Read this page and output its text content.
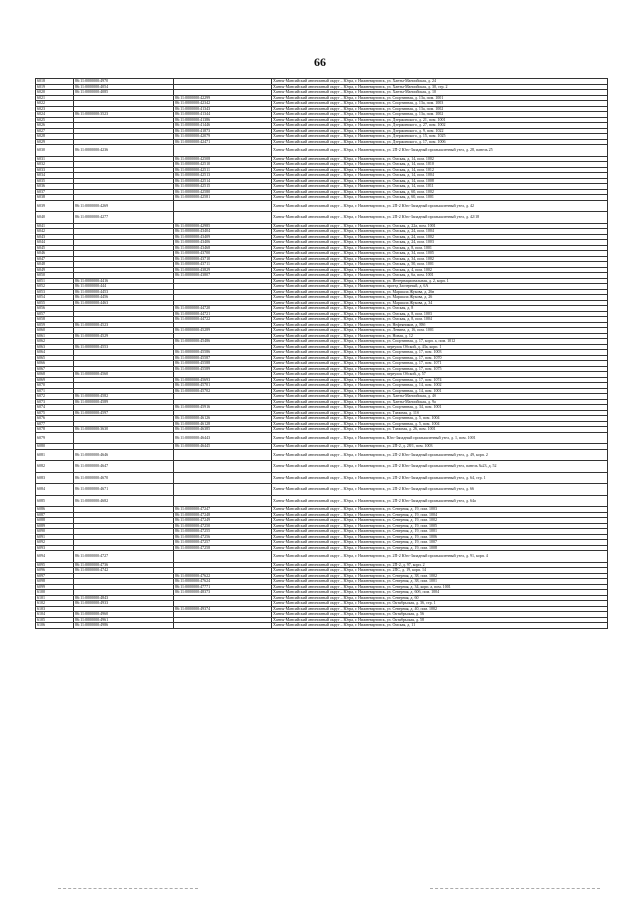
66
6018	86:11:0000000:4970		Ханты-Мансийский автономный округ – Югра, г. Нижневартовск, ул. Ханты-Мансийская, д. 24
6019	86:11:0000000:4054		Ханты-Мансийский автономный округ – Югра, г. Нижневартовск, ул. Ханты-Мансийская, д. 30, стр. 2
6020	86:11:0000000:4085		Ханты-Мансийский автономный округ – Югра, г. Нижневартовск, ул. Ханты-Мансийская, д. 10
6021		86:11:0000000:42299	Ханты-Мансийский автономный округ – Югра, г. Нижневартовск, ул. Спортивная, д. 13а, пом. 1001
6022		86:11:0000000:42342	Ханты-Мансийский автономный округ – Югра, г. Нижневартовск, ул. Спортивная, д. 13а, пом. 1003
6023		86:11:0000000:41343	Ханты-Мансийский автономный округ – Югра, г. Нижневартовск, ул. Спортивная, д. 13а, пом. 1002
6024	86:11:0000000:3523	86:11:0000000:41344	Ханты-Мансийский автономный округ – Югра, г. Нижневартовск, ул. Спортивная, д. 13а, пом. 1002
6025		86:11:0000000:41386	Ханты-Мансийский автономный округ – Югра, г. Нижневартовск, ул. Дзержинского, д. 21, пом. 1001
6026		86:11:0000000:41446	Ханты-Мансийский автономный округ – Югра, г. Нижневартовск, ул. Дзержинского, д. 27, пом. 1002
6027		86:11:0000000:41873	Ханты-Мансийский автономный округ – Югра, г. Нижневартовск, ул. Дзержинского, д. 9, пом. 1022
6028		86:11:0000000:42079	Ханты-Мансийский автономный округ – Югра, г. Нижневартовск, ул. Дзержинского, д. 15, пом. 1025
6029		86:11:0000000:42471	Ханты-Мансийский автономный округ – Югра, г. Нижневартовск, ул. Дзержинского, д. 17, пом. 1006
6030	86:11:0000000:4236		Ханты-Мансийский автономный округ – Югра, г. Нижневартовск, ул. 2П-2 Юго-Западный промышленный узел, д. 28, панель 25
6031		86:11:0000000:42508	Ханты-Мансийский автономный округ – Югра, г. Нижневартовск, ул. Омская, д. 14, пом. 1002
6032		86:11:0000000:42510	Ханты-Мансийский автономный округ – Югра, г. Нижневартовск, ул. Омская, д. 14, пом. 1010
6033		86:11:0000000:42511	Ханты-Мансийский автономный округ – Югра, г. Нижневартовск, ул. Омская, д. 14, пом. 1012
6034		86:11:0000000:42513	Ханты-Мансийский автономный округ – Югра, г. Нижневартовск, ул. Омская, д. 14, пом. 1004
6035		86:11:0000000:42514	Ханты-Мансийский автономный округ – Югра, г. Нижневартовск, ул. Омская, д. 14, пом. 1008
6036		86:11:0000000:42515	Ханты-Мансийский автономный округ – Югра, г. Нижневартовск, ул. Омская, д. 14, пом. 1011
6037		86:11:0000000:42580	Ханты-Мансийский автономный округ – Югра, г. Нижневартовск, ул. Омская, д. 60, пом. 1002
6038		86:11:0000000:42581	Ханты-Мансийский автономный округ – Югра, г. Нижневартовск, ул. Омская, д. 60, пом. 1001
6039	86:11:0000000:4269		Ханты-Мансийский автономный округ – Югра, г. Нижневартовск, ул. 2П-2 Юго-Западный промышленный узел, д. 42
6040	86:11:0000000:4277		Ханты-Мансийский автономный округ – Югра, г. Нижневартовск, ул. 2П-2 Юго-Западный промышленный узел, д. 42/18
6041		86:11:0000000:42985	Ханты-Мансийский автономный округ – Югра, г. Нижневартовск, ул. Омская, д. 22а, пом. 1001
6042		86:11:0000000:43404	Ханты-Мансийский автономный округ – Югра, г. Нижневартовск, ул. Омская, д. 24, пом. 1004
6043		86:11:0000000:43409	Ханты-Мансийский автономный округ – Югра, г. Нижневартовск, ул. Омская, д. 24, пом. 1002
6044		86:11:0000000:43406	Ханты-Мансийский автономный округ – Югра, г. Нижневартовск, ул. Омская, д. 24, пом. 1003
6045		86:11:0000000:43468	Ханты-Мансийский автономный округ – Югра, г. Нижневартовск, ул. Омская, д. 8, пом. 1001
6046		86:11:0000000:43700	Ханты-Мансийский автономный округ – Югра, г. Нижневартовск, ул. Омская, д. 34, пом. 1005
6047		86:11:0000000:43710	Ханты-Мансийский автономный округ – Югра, г. Нижневартовск, ул. Омская, д. 34, пом. 1002
6048		86:11:0000000:43711	Ханты-Мансийский автономный округ – Югра, г. Нижневартовск, ул. Омская, д. 50, пом. 1001
6049		86:11:0000000:43829	Ханты-Мансийский автономный округ – Югра, г. Нижневартовск, ул. Омская, д. 4, пом. 1002
6050		86:11:0000000:43807	Ханты-Мансийский автономный округ – Югра, г. Нижневартовск, ул. Омская, д. 6а, пом. 1001
6051	86:11:0000000:4416		Ханты-Мансийский автономный округ – Югра, г. Нижневартовск, ул. Интернациональная, д. 2, корп. 1
6052	86:11:0000000:444		Ханты-Мансийский автономный округ – Югра, г. Нижневартовск, проезд Заозерный, д. 6А
6053	86:11:0000000:4453		Ханты-Мансийский автономный округ – Югра, г. Нижневартовск, ул. Маршала Жукова, д. 26в
6054	86:11:0000000:4456		Ханты-Мансийский автономный округ – Югра, г. Нижневартовск, ул. Маршала Жукова, д. 26
6055	86:11:0000000:4463		Ханты-Мансийский автономный округ – Югра, г. Нижневартовск, ул. Маршала Жукова, д. 34
6056		86:11:0000000:44720	Ханты-Мансийский автономный округ – Югра, г. Нижневартовск, ул. Омская, д. 8
6057		86:11:0000000:44721	Ханты-Мансийский автономный округ – Югра, г. Нижневартовск, ул. Омская, д. 8, пом. 1003
6058		86:11:0000000:44722	Ханты-Мансийский автономный округ – Югра, г. Нижневартовск, ул. Омская, д. 8, пом. 1004
6059	86:11:0000000:4523		Ханты-Мансийский автономный округ – Югра, г. Нижневартовск, ул. Нефтяников, д. 88б
6060		86:11:0000000:45289	Ханты-Мансийский автономный округ – Югра, г. Нижневартовск, ул. Ленина, д. 16, пом. 1001
6061	86:11:0000000:4529		Ханты-Мансийский автономный округ – Югра, г. Нижневартовск, ул. Новая, д. 12
6062		86:11:0000000:45486	Ханты-Мансийский автономный округ – Югра, г. Нижневартовск, ул. Спортивная, д. 17, корп. а, пом. 1012
6063	86:11:0000000:4553		Ханты-Мансийский автономный округ – Югра, г. Нижневартовск, переулок Обской, д. 43а, корп. 1
6064		86:11:0000000:45586	Ханты-Мансийский автономный округ – Югра, г. Нижневартовск, ул. Спортивная, д. 17, пом. 1003
6065		86:11:0000000:45587	Ханты-Мансийский автономный округ – Югра, г. Нижневартовск, ул. Спортивная, д. 17, пом. 1070
6066		86:11:0000000:45588	Ханты-Мансийский автономный округ – Югра, г. Нижневартовск, ул. Спортивная, д. 17, пом. 1071
6067		86:11:0000000:45589	Ханты-Мансийский автономный округ – Югра, г. Нижневартовск, ул. Спортивная, д. 17, пом. 1075
6068	86:11:0000000:4560		Ханты-Мансийский автономный округ – Югра, г. Нижневартовск, переулок Обской, д. 57
6069		86:11:0000000:45693	Ханты-Мансийский автономный округ – Югра, г. Нижневартовск, ул. Спортивная, д. 17, пом. 1074
6070		86:11:0000000:45701	Ханты-Мансийский автономный округ – Югра, г. Нижневартовск, ул. Спортивная, д. 14, пом. 1002
6071		86:11:0000000:45702	Ханты-Мансийский автономный округ – Югра, г. Нижневартовск, ул. Спортивная, д. 14, пом. 1001
6072	86:11:0000000:4582		Ханты-Мансийский автономный округ – Югра, г. Нижневартовск, ул. Ханты-Мансийская, д. 4б
6073	86:11:0000000:4589		Ханты-Мансийский автономный округ – Югра, г. Нижневартовск, ул. Ханты-Мансийская, д. 9а
6074		86:11:0000000:45916	Ханты-Мансийский автономный округ – Югра, г. Нижневартовск, ул. Спортивная, д. 34, пом. 1001
6075	86:11:0000000:4597		Ханты-Мансийский автономный округ – Югра, г. Нижневартовск, ул. Таежная, д. 11б
6076		86:11:0000000:46126	Ханты-Мансийский автономный округ – Югра, г. Нижневартовск, ул. Спортивная, д. 5, пом. 1004
6077		86:11:0000000:46128	Ханты-Мансийский автономный округ – Югра, г. Нижневартовск, ул. Спортивная, д. 5, пом. 1004
6078	86:11:0000000:3630	86:11:0000000:46385	Ханты-Мансийский автономный округ – Югра, г. Нижневартовск, ул. Таежная, д. 26, пом. 1001
6079		86:11:0000000:46443	Ханты-Мансийский автономный округ – Югра, г. Нижневартовск, Юго-Западный промышленный узел, д. 1, пом. 1001
6080		86:11:0000000:46445	Ханты-Мансийский автономный округ – Югра, г. Нижневартовск, ул. 2П-2, д. 28/1, пом. 1003
6081	86:11:0000000:4646		Ханты-Мансийский автономный округ – Югра, г. Нижневартовск, ул. 2П-2 Юго-Западный промышленный узел, д. 49, корп. 2
6082	86:11:0000000:4647		Ханты-Мансийский автономный округ – Югра, г. Нижневартовск, ул. 2П-2 Юго-Западный промышленный узел, панель №23, д. 52
6083	86:11:0000000:4670		Ханты-Мансийский автономный округ – Югра, г. Нижневартовск, ул. 2П-2 Юго-Западный промышленный узел, д. 64, стр. 1
6084	86:11:0000000:4671		Ханты-Мансийский автономный округ – Югра, г. Нижневартовск, ул. 2П-2 Юго-Западный промышленный узел, д. 66
6085	86:11:0000000:4682		Ханты-Мансийский автономный округ – Югра, г. Нижневартовск, ул. 2П-2 Юго-Западный промышленный узел, д. 64а
6086		86:11:0000000:47247	Ханты-Мансийский автономный округ – Югра, г. Нижневартовск, ул. Северная, д. 19, пом. 1003
6087		86:11:0000000:47248	Ханты-Мансийский автономный округ – Югра, г. Нижневартовск, ул. Северная, д. 19, пом. 1004
6088		86:11:0000000:47249	Ханты-Мансийский автономный округ – Югра, г. Нижневартовск, ул. Северная, д. 19, пом. 1002
6089		86:11:0000000:47250	Ханты-Мансийский автономный округ – Югра, г. Нижневартовск, ул. Северная, д. 19, пом. 1005
6090		86:11:0000000:47255	Ханты-Мансийский автономный округ – Югра, г. Нижневартовск, ул. Северная, д. 19, пом. 1001
6091		86:11:0000000:47256	Ханты-Мансийский автономный округ – Югра, г. Нижневартовск, ул. Северная, д. 19, пом. 1006
6092		86:11:0000000:47257	Ханты-Мансийский автономный округ – Югра, г. Нижневартовск, ул. Северная, д. 19, пом. 1007
6093		86:11:0000000:47258	Ханты-Мансийский автономный округ – Югра, г. Нижневартовск, ул. Северная, д. 19, пом. 1008
6094	86:11:0000000:4727		Ханты-Мансийский автономный округ – Югра, г. Нижневартовск, ул. 2П-2 Юго-Западный промышленный узел, д. 91, корп. 4
6095	86:11:0000000:4736		Ханты-Мансийский автономный округ – Югра, г. Нижневартовск, ул. 2П-2, д. 97, корп. 2
6096	86:11:0000000:4742		Ханты-Мансийский автономный округ – Югра, г. Нижневартовск, ул. 2ПС, д. 19, корп. 14
6097		86:11:0000000:47622	Ханты-Мансийский автономный округ – Югра, г. Нижневартовск, ул. Северная, д. 38, пом. 1002
6098		86:11:0000000:47624	Ханты-Мансийский автономный округ – Югра, г. Нижневартовск, ул. Северная, д. 38, пом. 1001
6099		86:11:0000000:47771	Ханты-Мансийский автономный округ – Югра, г. Нижневартовск, ул. Северная, д. 34, корп. а, пом. 1001
6100		86:11:0000000:48373	Ханты-Мансийский автономный округ – Югра, г. Нижневартовск, ул. Северная, д. 60б, пом. 1004
6101	86:11:0000000:4843		Ханты-Мансийский автономный округ – Югра, г. Нижневартовск, ул. Северная, д. 60
6102	86:11:0000000:4933		Ханты-Мансийский автономный округ – Югра, г. Нижневартовск, ул. Октябрьская, д. 36, стр. 1
6103		86:11:0000000:49374	Ханты-Мансийский автономный округ – Югра, г. Нижневартовск, ул. Северная, д. 40, пом. 1002
6104	86:11:0000000:4960		Ханты-Мансийский автономный округ – Югра, г. Нижневартовск, ул. Октябрьская, д. 56
6105	86:11:0000000:4961		Ханты-Мансийский автономный округ – Югра, г. Нижневартовск, ул. Октябрьская, д. 58
6106	86:11:0000000:4986		Ханты-Мансийский автономный округ – Югра, г. Нижневартовск, ул. Омская, д. 11
